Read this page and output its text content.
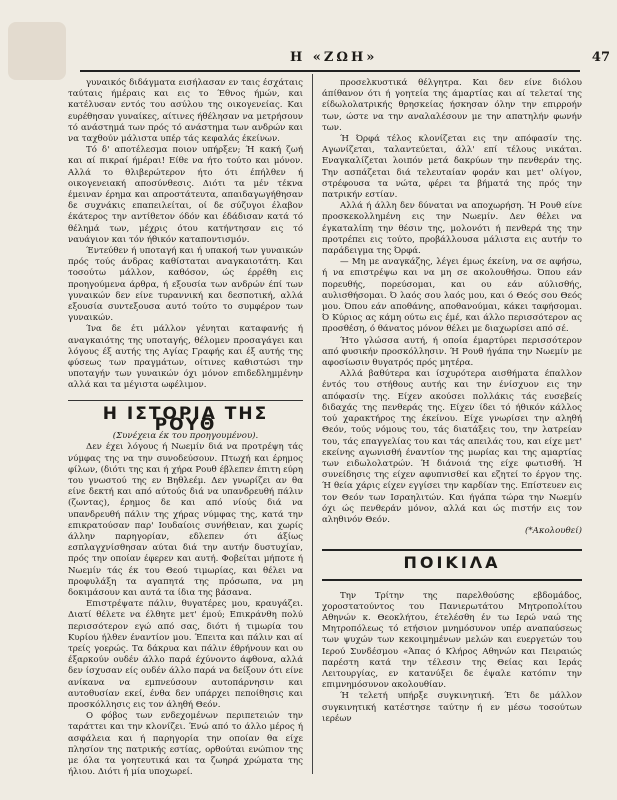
Η «ΖΩΗ»	47

γυναικός διδάγματα εισήλασαν εν ταις έσχάταις ταύταις ήμέραις και εις το Έθνος ήμών, και κατέλυσαν εντός του ασύλου της οικογενείας. Και ευρέθησαν γυναίκες, αίτινες ήθέλησαν να μετρήσουν τό ανάστημά των πρός τό ανάστημα των ανδρών και να ταχθούν μάλιστα υπέρ τάς κεφαλάς έκείνων.

Τό δ' αποτέλεσμα ποιον υπήρξεν; Ή κακή ζωή και αί πικραί ήμέραι! Είθε να ήτο τούτο και μόνον. Αλλά το θλιβερώτερον ήτο ότι έπήλθεν ή οικογενειακή αποσύνθεσις. Διότι τα μέν τέκνα έμειναν έρημα και απροστάτευτα, απαιδαγωγήθησαν δε συχνάκις επαπειλείται, οί δε σύζυγοι έλαβον έκάτερος την αντίθετον όδόν και έδάδισαν κατά τό θέλημά των, μέχρις ότου κατήντησαν εις τό ναυάγιον και τόν ήθικόν καταποντισμόν.

Έντεύθεν ή υποταγή και ή υπακοή των γυναικών πρός τούς άνδρας καθίσταται αναγκαιοτάτη. Και τοσούτω μάλλον, καθόσον, ώς έρρέθη εις προηγούμενα άρθρα, ή εξουσία των ανδρών έπί των γυναικών δεν είνε τυραννική και δεσποτική, αλλά εξουσία συντεξουσα αυτό τούτο το συμφέρον των γυναικών.

Ίνα δε έτι μάλλον γένηται καταφανής ή αναγκαιότης της υποταγής, θέλομεν προσαγάγει και λόγους έξ αυτής της Αγίας Γραφής και έξ αυτής της φύσεως των πραγμάτων, οίτινες καθιστώσι την υποταγήν των γυναικών όχι μόνον επιδεδλημμένην αλλά και τα μέγιστα ωφέλιμον.

Η ΙΣΤΟΡΙΑ ΤΗΣ ΡΟΥΘ

(Συνέχεια έκ του προηγουμένου).

Δεν έχει λόγους ή Νωεμίν διά να προτρέψη τάς νύμφας της να την συνοδεύσουν. Πτωχή και έρημος φίλων, (διότι της και ή χήρα Ρουθ έβλεπεν έπιτη εύρη του γνωστού της εν Βηθλεέμ. Δεν γνωρίζει αν θα είνε δεκτή και από αύτούς διά να υπανδρευθή πάλιν (ζωντας), έρημος δε και από νίούς διά να υπανδρευθή πάλιν της χήρας νύμφας της, κατά την επικρατούσαν παρ' Ιουδαίοις συνήθειαν, και χωρίς άλλην παρηγορίαν, εδλεπεν ότι άξίως εσπλαγχνίσθησαν αύται διά την αυτήν δυστυχίαν, πρός την οποίαν έφερεν και αυτή. Φοβείται μήποτε ή Νωεμίν τάς έκ του Θεού τιμωρίας, και θέλει να προφυλάξη τα αγαπητά της πρόσωπα, να μη δοκιμάσουν και αυτά τα ίδια της βάσανα.

Επιστρέψατε πάλιν, θυγατέρες μου, κραυγάζει. Διατί θέλετε να έλθητε μετ' έμού; Επικράνθη πολύ περισσότερον εγώ από σας, διότι ή τιμωρία του Κυρίου ήλθεν έναντίον μου. Έπειτα και πάλιν και αί τρείς γοερώς. Τα δάκρυα και πάλιν έθρήνουν και ου έξαρκούν ουδέν άλλο παρά έχύνοντο άφθονα, αλλά δεν ίσχυσαν είς ουδέν άλλο παρά να δείξουν ότι είνε ανίκανα να εμπνεύσουν αυτοπάρνησιν και αυτοθυσίαν εκεί, ένθα δεν υπάρχει πεποίθησις και προσκόλλησις εις τον άληθή Θεόν.

Ο φόβος των ενδεχομένων περιπετειών την ταράττει και την κλονίζει. Ένώ από το άλλο μέρος ή ασφάλεια και ή παρηγορία την οποίαν θα είχε πλησίον της πατρικής εστίας, ορθούται ενώπιον της με όλα τα γοητευτικά και τα ζωηρά χρώματα της ήλιου. Διότι ή μία υποχωρεί.

προσελκυστικά θέλγητρα. Και δεν είνε διόλου άπίθανον ότι ή γοητεία της άμαρτίας και αί τελεταί της είδωλολατρικής θρησκείας ήσκησαν όλην την επιρροήν των, ώστε να την αναλαλέσουν με την απατηλήν φωνήν των.

Ή Όρφά τέλος κλονίζεται εις την απόφασίν της. Αγωνίζεται, ταλαντεύεται, άλλ' επί τέλους νικάται. Εναγκαλίζεται λοιπόν μετά δακρύων την πενθεράν της. Την ασπάζεται διά τελευταίαν φοράν και μετ' ολίγον, στρέφουσα τα νώτα, φέρει τα βήματά της πρός την πατρικήν εστίαν.

Αλλά ή άλλη δεν δύναται να αποχωρήση. Ή Ρουθ είνε προσκεκολλημένη εις την Νωεμίν. Δεν θέλει να έγκαταλίπη την θέσιν της, μολονότι ή πενθερά της την προτρέπει εις τούτο, προβάλλουσα μάλιστα εις αυτήν το παράδειγμα της Όρφά.

— Μη με αναγκάζης, λέγει έμως έκείνη, να σε αφήσω, ή να επιστρέψω και να μη σε ακολουθήσω. Όπου εάν πορευθής, πορεύσομαι, και ου εάν αύλισθής, αυλισθήσομαι. Ό λαός σου λαός μου, και ό Θεός σου Θεός μου. Όπου εάν αποθάνης, αποθανούμαι, κάκει ταφήσομαι. Ό Κύριος ας κάμη ούτω εις έμέ, και άλλο περισσότερον ας προσθέση, ό θάνατος μόνον θέλει με διαχωρίσει από σέ.

Ήτο γλώσσα αυτή, ή οποία έμαρτύρει περισσότερον από φυσικήν προσκόλλησιν. Ή Ρουθ ήγάπα την Νωεμίν με αφοσίωσιν θυγατρός πρός μητέρα.

Αλλά βαθύτερα και ίσχυρότερα αισθήματα έπαλλον έντός του στήθους αυτής και την ένίσχυον εις την απόφασίν της. Είχεν ακούσει πολλάκις τάς ευσεβείς διδαχάς της πενθεράς της. Είχεν ίδει τό ήθικόν κάλλος τού χαρακτήρος της έκείνου. Είχε γνωρίσει την αληθή Θεόν, τούς νόμους του, τάς διατάξεις του, την λατρείαν του, τάς επαγγελίας του και τάς απειλάς του, και είχε μετ' εκείνης αγωνισθή έναντίον της μωρίας και της αμαρτίας των ειδωλολατρών. Ή διάνοιά της είχε φωτισθή. Ή συνείδησις της είχεν αφυπνισθεί και εζητεί το έργον της. Ή θεία χάρις είχεν εγγίσει την καρδίαν της. Επίστευεν εις τον Θεόν των Ισραηλιτών. Και ήγάπα τώρα την Νωεμίν όχι ώς πενθεράν μόνον, αλλά και ώς πιστήν εις τον αληθινόν Θεόν.

(*Ακολουθεί)

ΠΟΙΚΙΛΑ

Την Τρίτην της παρελθούσης εβδομάδος, χοροστατούντος του Πανιερωτάτου Μητροπολίτου Αθηνών κ. Θεοκλήτου, έτελέσθη έν τω Ιερώ ναώ της Μητροπόλεως τό ετήσιον μνημόσυνον υπέρ αναπαύσεως των ψυχών των κεκοιμημένων μελών και ευεργετών του Ιερού Συνδέσμου «Άπας ό Κλήρος Αθηνών και Πειραιώς παρέστη κατά την τέλεσιν της Θείας και Ιεράς Λειτουργίας, εν κατανύξει δε έψαλε κατόπιν την επιμνημόσυνον ακολουθίαν.

Ή τελετή υπήρξε συγκινητική. Έτι δε μάλλον συγκινητική κατέστησε ταύτην ή εν μέσω τοσούτων ιερέων
